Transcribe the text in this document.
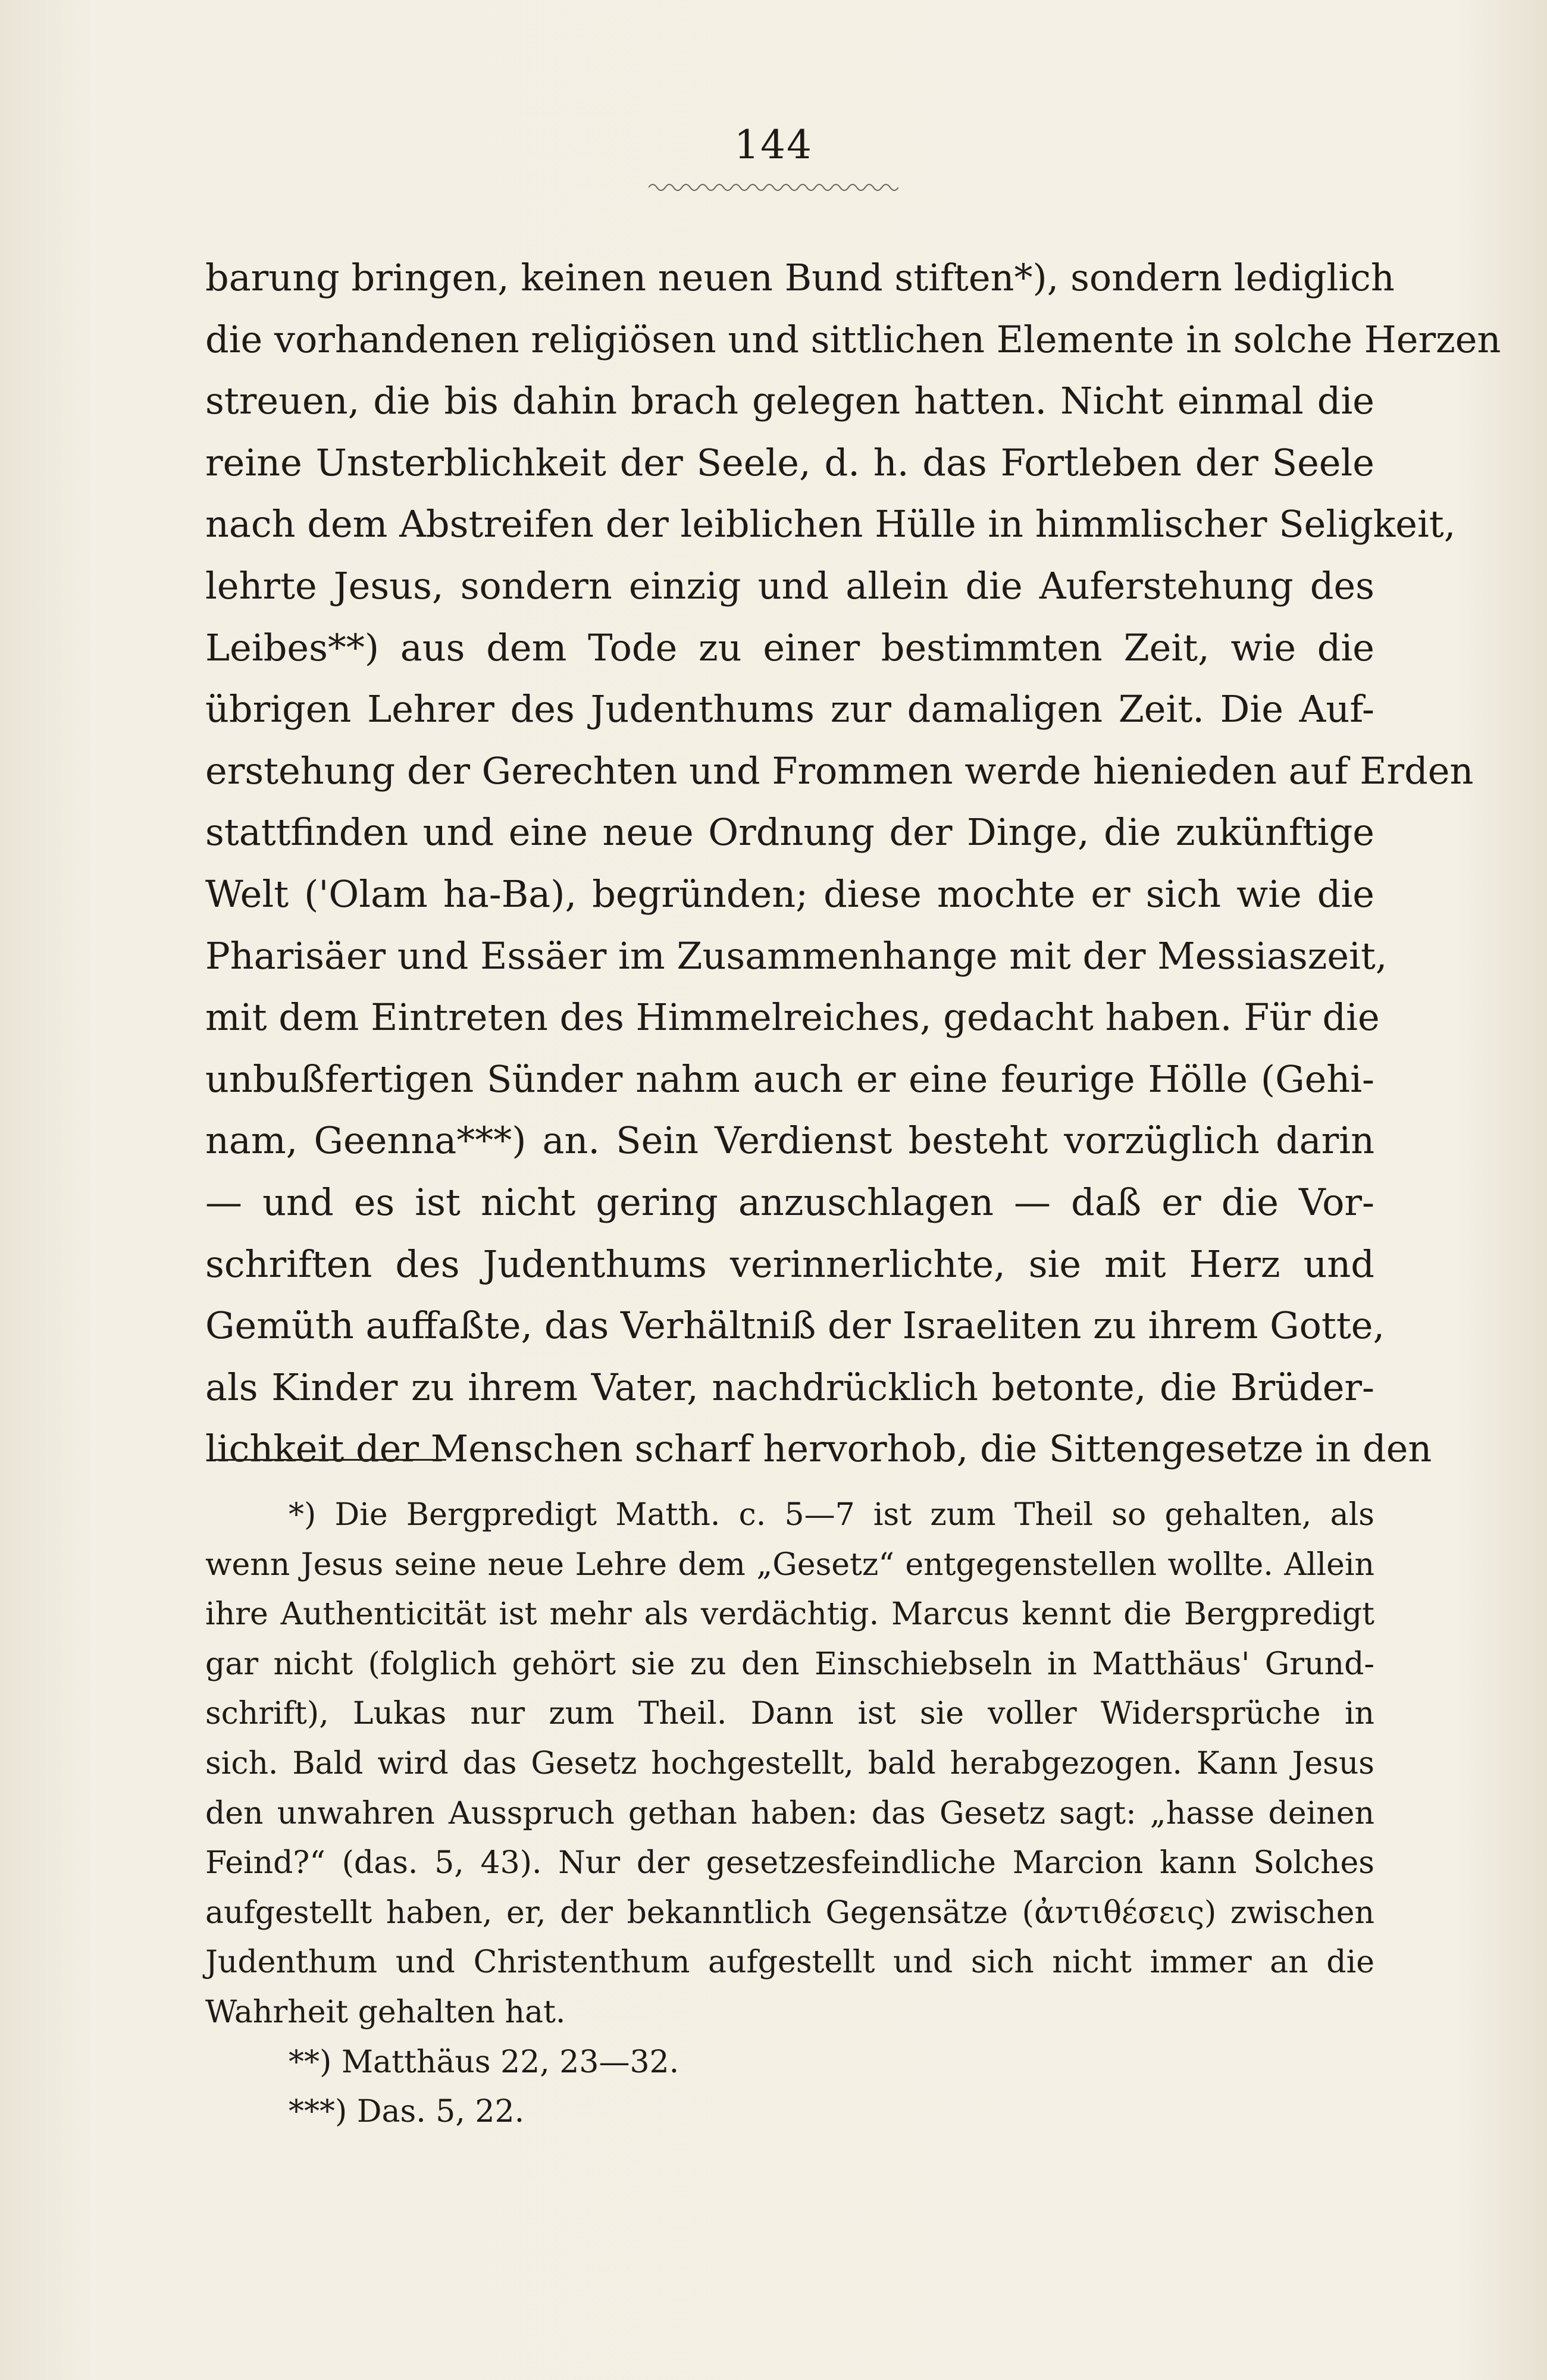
144
barung bringen, keinen neuen Bund stiften*), sondern lediglich
die vorhandenen religiösen und sittlichen Elemente in solche Herzen
streuen, die bis dahin brach gelegen hatten. Nicht einmal die
reine Unsterblichkeit der Seele, d. h. das Fortleben der Seele
nach dem Abstreifen der leiblichen Hülle in himmlischer Seligkeit,
lehrte Jesus, sondern einzig und allein die Auferstehung des
Leibes**) aus dem Tode zu einer bestimmten Zeit, wie die
übrigen Lehrer des Judenthums zur damaligen Zeit. Die Auf-
erstehung der Gerechten und Frommen werde hienieden auf Erden
stattfinden und eine neue Ordnung der Dinge, die zukünftige
Welt ('Olam ha-Ba), begründen; diese mochte er sich wie die
Pharisäer und Essäer im Zusammenhange mit der Messiaszeit,
mit dem Eintreten des Himmelreiches, gedacht haben. Für die
unbußfertigen Sünder nahm auch er eine feurige Hölle (Gehi-
nam, Geenna***) an. Sein Verdienst besteht vorzüglich darin
— und es ist nicht gering anzuschlagen — daß er die Vor-
schriften des Judenthums verinnerlichte, sie mit Herz und
Gemüth auffaßte, das Verhältniß der Israeliten zu ihrem Gotte,
als Kinder zu ihrem Vater, nachdrücklich betonte, die Brüder-
lichkeit der Menschen scharf hervorhob, die Sittengesetze in den
*) Die Bergpredigt Matth. c. 5—7 ist zum Theil so gehalten, als
wenn Jesus seine neue Lehre dem „Gesetz“ entgegenstellen wollte. Allein
ihre Authenticität ist mehr als verdächtig. Marcus kennt die Bergpredigt
gar nicht (folglich gehört sie zu den Einschiebseln in Matthäus' Grund-
schrift), Lukas nur zum Theil. Dann ist sie voller Widersprüche in
sich. Bald wird das Gesetz hochgestellt, bald herabgezogen. Kann Jesus
den unwahren Ausspruch gethan haben: das Gesetz sagt: „hasse deinen
Feind?“ (das. 5, 43). Nur der gesetzesfeindliche Marcion kann Solches
aufgestellt haben, er, der bekanntlich Gegensätze (ἀντιθέσεις) zwischen
Judenthum und Christenthum aufgestellt und sich nicht immer an die
Wahrheit gehalten hat.
**) Matthäus 22, 23—32.
***) Das. 5, 22.
